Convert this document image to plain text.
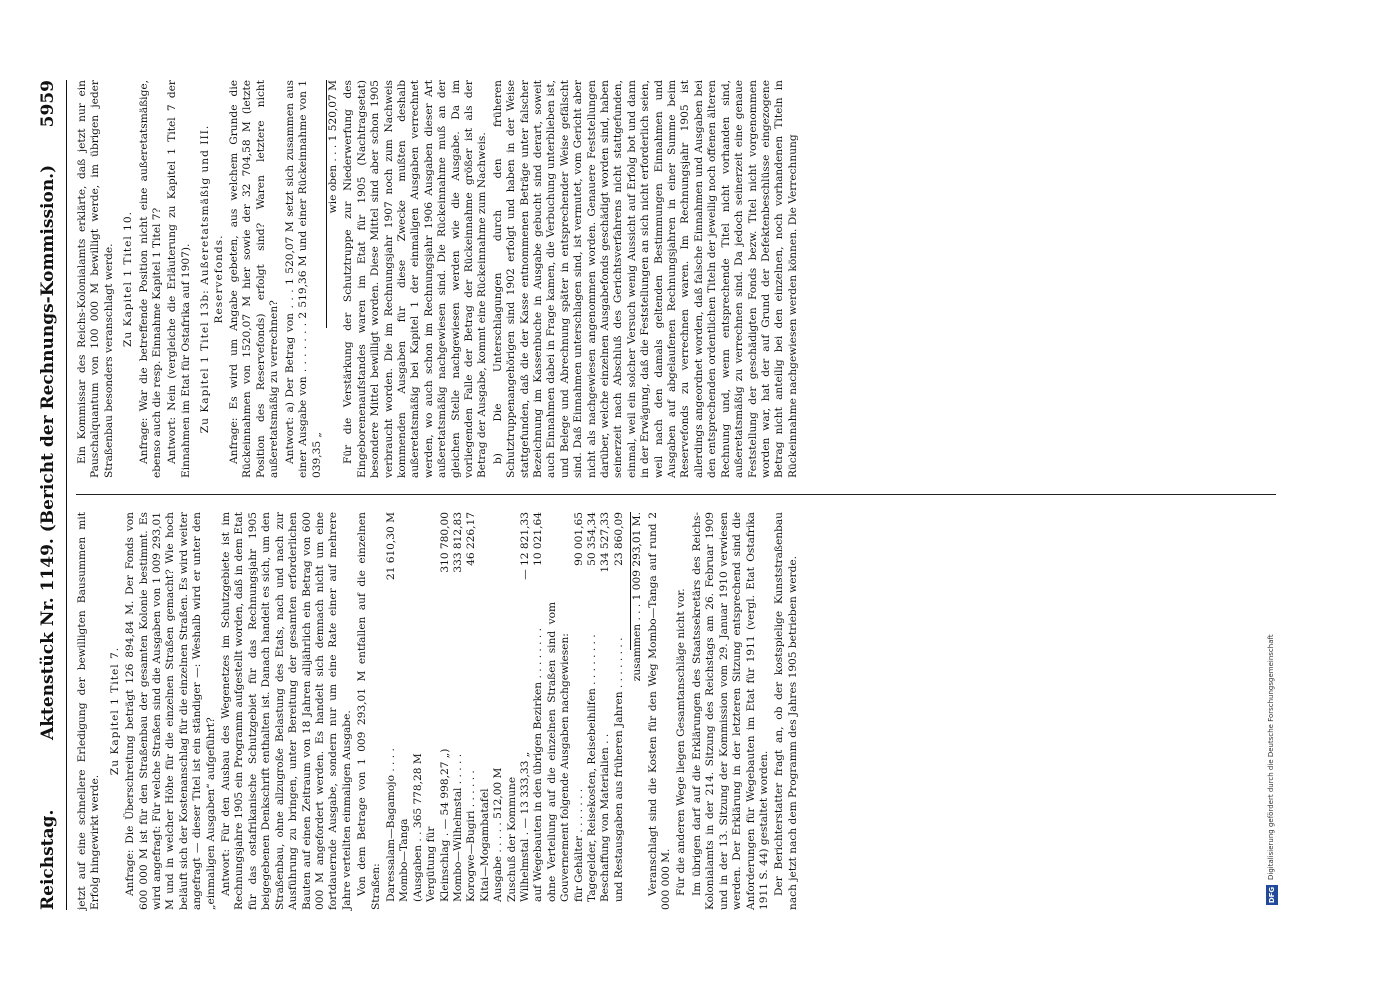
Reichstag.
Aktenstück Nr. 1149. (Bericht der Rechnungs-Kommission.)
5959

jetzt auf eine schnellere Erledigung der bewilligten Bausummen mit Erfolg hingewirkt werde.

Zu Kapitel 1 Titel 7. Anfrage: Die Überschreitung beträgt 126 894,84 M. Der Fonds von 600 000 M ist für den Straßenbau der gesamten Kolonie bestimmt. Es wird angefragt: Für welche Straßen sind die Ausgaben von 1 009 293,01 M und in welcher Höhe für die einzelnen Straßen gemacht? Wie hoch beläuft sich der Kostenanschlag für die einzelnen Straßen. Es wird weiter angefragt — dieser Titel ist ein ständiger —: Weshalb wird er unter den „einmaligen Ausgaben“ aufgeführt? Antwort: Für den Ausbau des Wegenetzes im Schutzgebiete ist im Rechnungsjahre 1905 ein Programm aufgestellt worden, daß in dem Etat für das ostafrikanische Schutzgebiet für das Rechnungsjahr 1905 beigegebenen Denkschrift enthalten ist. Danach handelt es sich, um den Straßenbau, ohne allzugroße Belastung des Etats, nach und nach zur Ausführung zu bringen, unter Bereitung der gesamten erforderlichen Bauten auf einen Zeitraum von 18 Jahren alljährlich ein Betrag von 600 000 M angefordert werden. Es handelt sich demnach nicht um eine fortdauernde Ausgabe, sondern nur um eine Rate einer auf mehrere Jahre verteilten einmaligen Ausgabe. Von dem Betrage von 1 009 293,01 M entfallen auf die einzelnen Straßen: Daressalam—Bagamojo . . . .
21 610,30 M
Mombo—Tanga (Ausgaben . . 365 778,28 M Vergütung für Kleinschlag . — 54 998,27 „)
310 780,00
Mombo—Wilhelmstal . . . . .
333 812,83
Korogwe—Bugiri . . . . . .
46 226,17
Kitai—Mogambatafel Ausgabe . . . . . 512,00 M Zuschuß der Kommune Wilhelmstal . — 13 333,33 „
— 12 821,33
auf Wegebauten in den übrigen Bezirken . . . . . . . .
10 021,64
ohne Verteilung auf die einzelnen Straßen sind vom Gouvernement folgende Ausgaben nachgewiesen: für Gehälter . . . . . . .
90 001,65
Tagegelder, Reisekosten, Reisebeihilfen . . . . . . . .
50 354,34
Beschaffung von Materialien . .
134 527,33
und Restausgaben aus früheren Jahren . . . . . . . .
23 860,09 zusammen . . . 1 009 293,01 M. Veranschlagt sind die Kosten für den Weg Mombo—Tanga auf rund 2 000 000 M. Für die anderen Wege liegen Gesamtanschläge nicht vor. Im übrigen darf auf die Erklärungen des Staatssekretärs des Reichs-Kolonialamts in der 214. Sitzung des Reichstags am 26. Februar 1909 und in der 13. Sitzung der Kommission vom 29. Januar 1910 verwiesen werden. Der Erklärung in der letzteren Sitzung entsprechend sind die Anforderungen für Wegebauten im Etat für 1911 (vergl. Etat Ostafrika 1911 S. 44) gestaltet worden. Der Berichterstatter fragt an, ob der kostspielige Kunststraßenbau nach jetzt nach dem Programm des Jahres 1905 betrieben werde.

Ein Kommissar des Reichs-Kolonialamts erklärte, daß jetzt nur ein Pauschalquantum von 100 000 M bewilligt werde, im übrigen jeder Straßenbau besonders veranschlagt werde. Zu Kapitel 1 Titel 10. Anfrage: War die betreffende Position nicht eine außeretatsmäßige, ebenso auch die resp. Einnahme Kapitel 1 Titel 7? Antwort: Nein (vergleiche die Erläuterung zu Kapitel 1 Titel 7 der Einnahmen im Etat für Ostafrika auf 1907). Zu Kapitel 1 Titel 13b: Außeretatsmäßig und III. Reservefonds. Anfrage: Es wird um Angabe gebeten, aus welchem Grunde die Rückeinnahmen von 1520,07 M hier sowie der 32 704,58 M (letzte Position des Reservefonds) erfolgt sind? Waren letztere nicht außeretatsmäßig zu verrechnen? Antwort: a) Der Betrag von . . . 1 520,07 M setzt sich zusammen aus einer Ausgabe von . . . . . . . 2 519,36 M und einer Rückeinnahme von 1 039,35 „

wie oben . . . 1 520,07 M Für die Verstärkung der Schutztruppe zur Niederwerfung des Eingeborenenaufstandes waren im Etat für 1905 (Nachtragsetat) besondere Mittel bewilligt worden. Diese Mittel sind aber schon 1905 verbraucht worden. Die im Rechnungsjahr 1907 noch zum Nachweis kommenden Ausgaben für diese Zwecke mußten deshalb außeretatsmäßig bei Kapitel 1 der einmaligen Ausgaben verrechnet werden, wo auch schon im Rechnungsjahr 1906 Ausgaben dieser Art außeretatsmäßig nachgewiesen sind. Die Rückeinnahme muß an der gleichen Stelle nachgewiesen werden wie die Ausgabe. Da im vorliegenden Falle der Betrag der Rückeinnahme größer ist als der Betrag der Ausgabe, kommt eine Rückeinnahme zum Nachweis. b) Die Unterschlagungen durch den früheren Schutztruppenangehörigen sind 1902 erfolgt und haben in der Weise stattgefunden, daß die der Kasse entnommenen Beträge unter falscher Bezeichnung im Kassenbuche in Ausgabe gebucht sind derart, soweit auch Einnahmen dabei in Frage kamen, die Verbuchung unterblieben ist, und Belege und Abrechnung später in entsprechender Weise gefälscht sind. Daß Einnahmen unterschlagen sind, ist vermutet, vom Gericht aber nicht als nachgewiesen angenommen worden. Genauere Feststellungen darüber, welche einzelnen Ausgabefonds geschädigt worden sind, haben seinerzeit nach Abschluß des Gerichtsverfahrens nicht stattgefunden, einmal, weil ein solcher Versuch wenig Aussicht auf Erfolg bot und dann in der Erwägung, daß die Feststellungen an sich nicht erforderlich seien, weil nach den damals geltenden Bestimmungen Einnahmen und Ausgaben auf abgelaufenen Rechnungsjahren in einer Summe beim Reservefonds zu verrechnen waren. Im Rechnungsjahr 1905 ist allerdings angeordnet worden, daß falsche Einnahmen und Ausgaben bei den entsprechenden ordentlichen Titeln der jeweilig noch offenen älteren Rechnung und, wenn entsprechende Titel nicht vorhanden sind, außeretatsmäßig zu verrechnen sind. Da jedoch seinerzeit eine genaue Feststellung der geschädigten Fonds bezw. Titel nicht vorgenommen worden war, hat der auf Grund der Defektenbeschlüsse eingezogene Betrag nicht anteilig bei den einzelnen, noch vorhandenen Titeln in Rückeinnahme nachgewiesen werden können. Die Verrechnung

DFG
Digitalisierung gefördert durch die Deutsche Forschungsgemeinschaft
